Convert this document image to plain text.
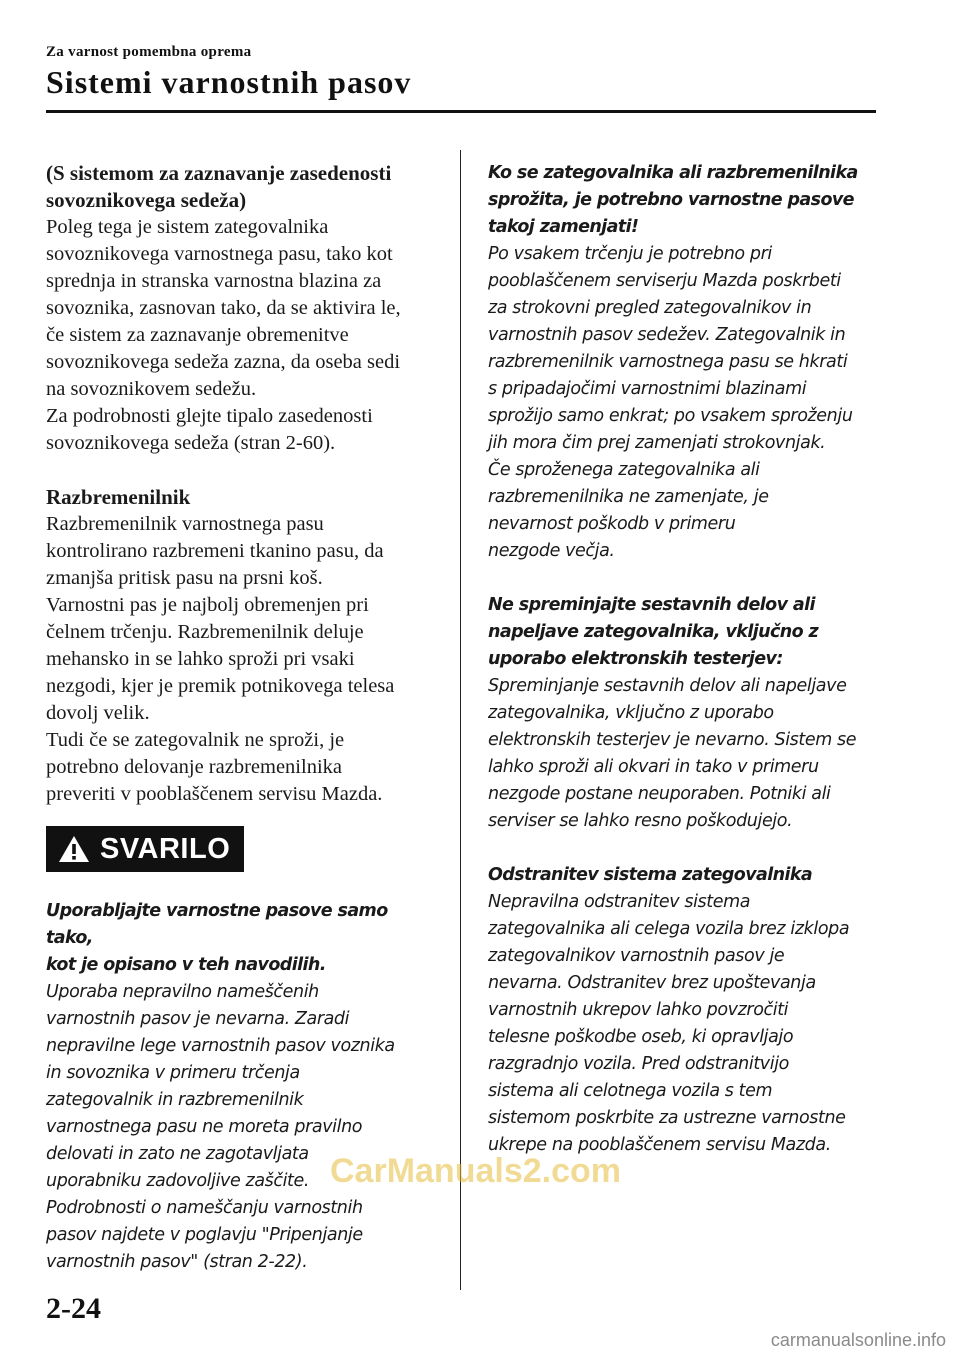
Za varnost pomembna oprema
Sistemi varnostnih pasov

(S sistemom za zaznavanje zasedenosti

sovoznikovega sedeža)

Poleg tega je sistem zategovalnika

sovoznikovega varnostnega pasu, tako kot

sprednja in stranska varnostna blazina za

sovoznika, zasnovan tako, da se aktivira le,

če sistem za zaznavanje obremenitve

sovoznikovega sedeža zazna, da oseba sedi

na sovoznikovem sedežu.

Za podrobnosti glejte tipalo zasedenosti

sovoznikovega sedeža (stran 2-60).

Razbremenilnik

Razbremenilnik varnostnega pasu

kontrolirano razbremeni tkanino pasu, da

zmanjša pritisk pasu na prsni koš.

Varnostni pas je najbolj obremenjen pri

čelnem trčenju. Razbremenilnik deluje

mehansko in se lahko sproži pri vsaki

nezgodi, kjer je premik potnikovega telesa

dovolj velik.

Tudi če se zategovalnik ne sproži, je

potrebno delovanje razbremenilnika

preveriti v pooblaščenem servisu Mazda.

SVARILO

Uporabljajte varnostne pasove samo tako,

kot je opisano v teh navodilih.

Uporaba nepravilno nameščenih

varnostnih pasov je nevarna. Zaradi

nepravilne lege varnostnih pasov voznika

in sovoznika v primeru trčenja

zategovalnik in razbremenilnik

varnostnega pasu ne moreta pravilno

delovati in zato ne zagotavljata

uporabniku zadovoljive zaščite.

Podrobnosti o nameščanju varnostnih

pasov najdete v poglavju "Pripenjanje

varnostnih pasov" (stran 2-22).

Ko se zategovalnika ali razbremenilnika

sprožita, je potrebno varnostne pasove

takoj zamenjati!

Po vsakem trčenju je potrebno pri

pooblaščenem serviserju Mazda poskrbeti

za strokovni pregled zategovalnikov in

varnostnih pasov sedežev. Zategovalnik in

razbremenilnik varnostnega pasu se hkrati

s pripadajočimi varnostnimi blazinami

sprožijo samo enkrat; po vsakem sproženju

jih mora čim prej zamenjati strokovnjak.

Če sproženega zategovalnika ali

razbremenilnika ne zamenjate, je

nevarnost poškodb v primeru

nezgode večja.

Ne spreminjajte sestavnih delov ali

napeljave zategovalnika, vključno z

uporabo elektronskih testerjev:

Spreminjanje sestavnih delov ali napeljave

zategovalnika, vključno z uporabo

elektronskih testerjev je nevarno. Sistem se

lahko sproži ali okvari in tako v primeru

nezgode postane neuporaben. Potniki ali

serviser se lahko resno poškodujejo.

Odstranitev sistema zategovalnika

Nepravilna odstranitev sistema

zategovalnika ali celega vozila brez izklopa

zategovalnikov varnostnih pasov je

nevarna. Odstranitev brez upoštevanja

varnostnih ukrepov lahko povzročiti

telesne poškodbe oseb, ki opravljajo

razgradnjo vozila. Pred odstranitvijo

sistema ali celotnega vozila s tem

sistemom poskrbite za ustrezne varnostne

ukrepe na pooblaščenem servisu Mazda.

CarManuals2.com
2-24
carmanualsonline.info
